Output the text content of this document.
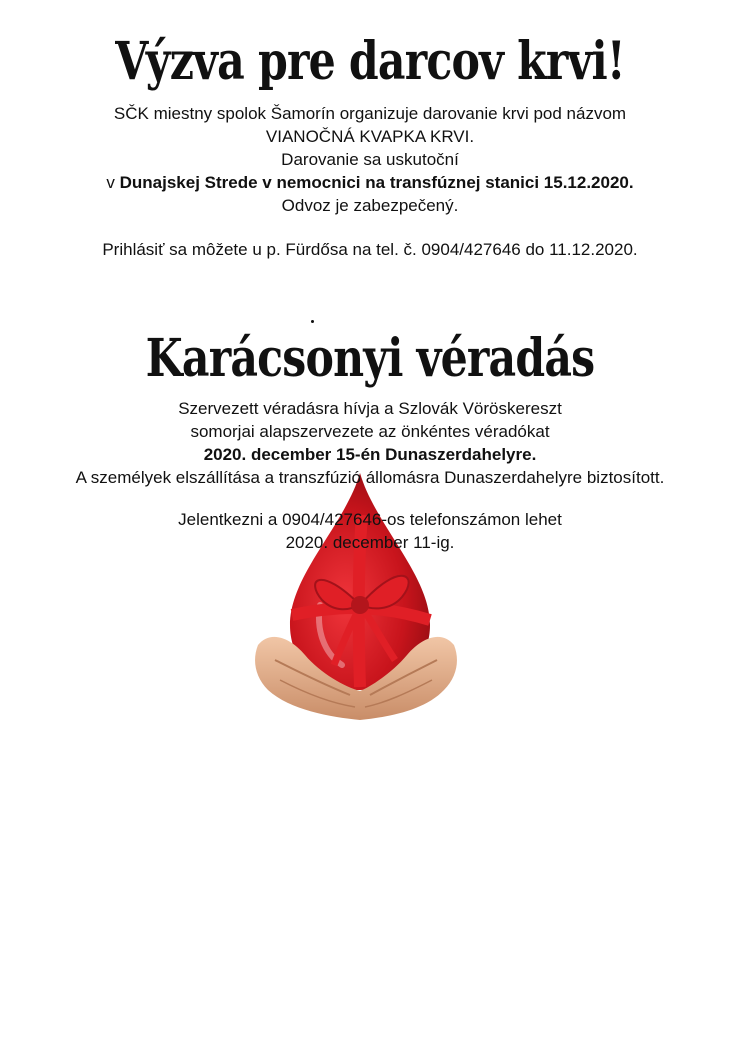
Výzva pre darcov krvi!
SČK miestny spolok Šamorín organizuje darovanie krvi pod názvom
VIANOČNÁ KVAPKA KRVI.
Darovanie sa uskutoční
v Dunajskej Strede v nemocnici na transfúznej stanici 15.12.2020.
Odvoz je zabezpečený.
Prihlásiť sa môžete u p. Fürdősa na tel. č. 0904/427646 do 11.12.2020.
Karácsonyi véradás
Szervezett véradásra hívja a Szlovák Vöröskereszt
somorjai alapszervezete az önkéntes véradókat
2020. december 15-én Dunaszerdahelyre.
A személyek elszállítása a transzfúzió állomásra Dunaszerdahelyre biztosított.
Jelentkezni a 0904/427646-os telefonszámon lehet
2020. december 11-ig.
